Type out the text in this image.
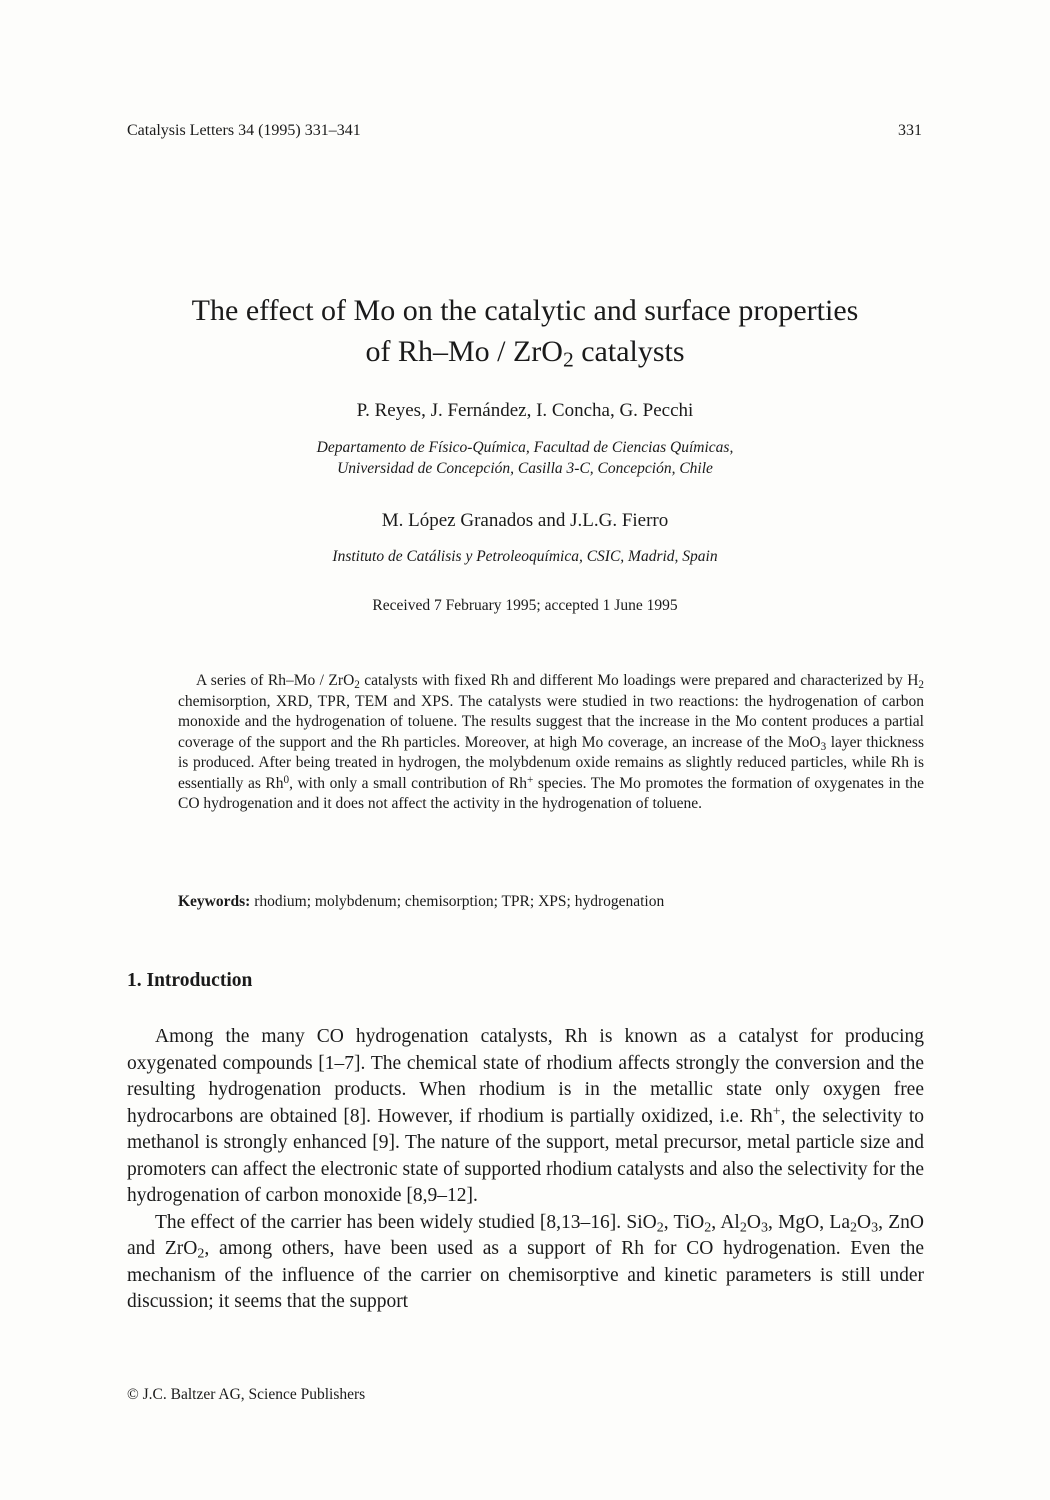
Catalysis Letters 34 (1995) 331–341	331
The effect of Mo on the catalytic and surface properties
of Rh–Mo / ZrO$_2$ catalysts
P. Reyes, J. Fernández, I. Concha, G. Pecchi
Departamento de Físico-Química, Facultad de Ciencias Químicas,
Universidad de Concepción, Casilla 3-C, Concepción, Chile
M. López Granados and J.L.G. Fierro
Instituto de Catálisis y Petroleoquímica, CSIC, Madrid, Spain
Received 7 February 1995; accepted 1 June 1995

A series of Rh–Mo / ZrO$_2$ catalysts with fixed Rh and different Mo loadings were prepared and characterized by $H_2$ chemisorption, XRD, TPR, TEM and XPS. The catalysts were studied in two reactions: the hydrogenation of carbon monoxide and the hydrogenation of toluene. The results suggest that the increase in the Mo content produces a partial coverage of the support and the Rh particles. Moreover, at high Mo coverage, an increase of the MoO$_3$ layer thickness is produced. After being treated in hydrogen, the molybdenum oxide remains as slightly reduced particles, while Rh is essentially as Rh$^0$, with only a small contribution of Rh+ species. The Mo promotes the formation of oxygenates in the CO hydrogenation and it does not affect the activity in the hydrogenation of toluene.

Keywords: rhodium; molybdenum; chemisorption; TPR; XPS; hydrogenation
1. Introduction

Among the many CO hydrogenation catalysts, Rh is known as a catalyst for producing oxygenated compounds [1–7]. The chemical state of rhodium affects strongly the conversion and the resulting hydrogenation products. When rhodium is in the metallic state only oxygen free hydrocarbons are obtained [8]. However, if rhodium is partially oxidized, i.e. Rh+, the selectivity to methanol is strongly enhanced [9]. The nature of the support, metal precursor, metal particle size and promoters can affect the electronic state of supported rhodium catalysts and also the selectivity for the hydrogenation of carbon monoxide [8,9–12].

The effect of the carrier has been widely studied [8,13–16]. SiO$_2$, TiO$_2$, $Al_2O_3$, MgO, $La_2O_3$, ZnO and ZrO$_2$, among others, have been used as a support of Rh for CO hydrogenation. Even the mechanism of the influence of the carrier on chemisorptive and kinetic parameters is still under discussion; it seems that the support

© J.C. Baltzer AG, Science Publishers
